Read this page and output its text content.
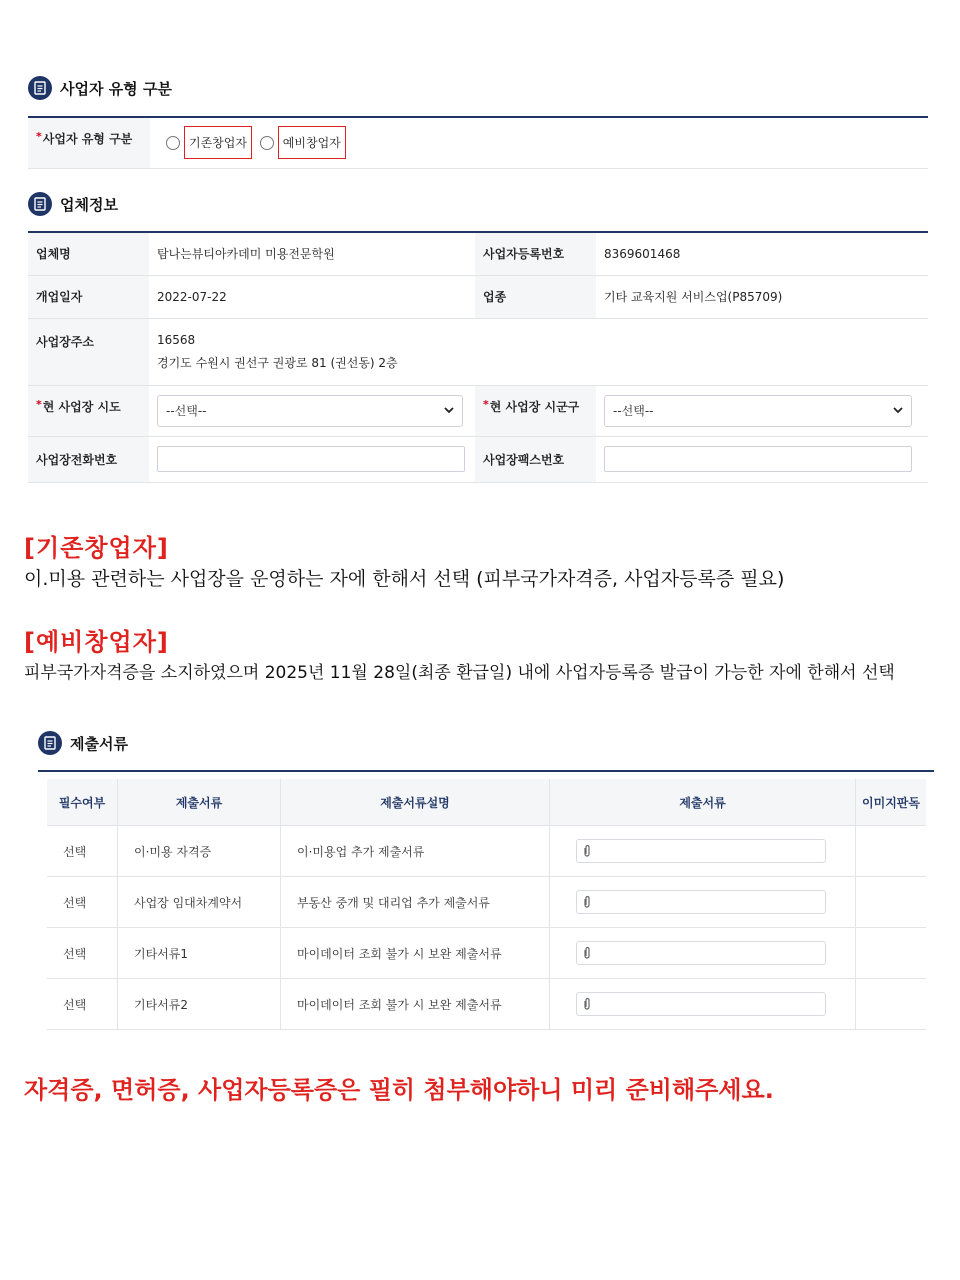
사업자 유형 구분
*사업자 유형 구분	기존창업자
	예비창업자
업체정보
업체명	탐나는뷰티아카데미 미용전문학원	사업자등록번호	8369601468
개업일자	2022-07-22	업종	기타 교육지원 서비스업(P85709)
사업장주소	16568
경기도 수원시 권선구 권광로 81 (권선동) 2층		

*현 사업장 시도	--선택--	*현 사업장 시군구	--선택--

사업장전화번호		사업장팩스번호	
[기존창업자]
이.미용 관련하는 사업장을 운영하는 자에 한해서 선택 (피부국가자격증, 사업자등록증 필요)
[예비창업자]
피부국가자격증을 소지하였으며 2025년 11월 28일(최종 환급일) 내에 사업자등록증 발급이 가능한 자에 한해서 선택
제출서류
필수여부	제출서류	제출서류설명	제출서류	이미지판독
선택	이·미용 자격증	이·미용업 추가 제출서류	

선택	사업장 임대차계약서	부동산 중개 및 대리업 추가 제출서류	

선택	기타서류1	마이데이터 조회 불가 시 보완 제출서류	

선택	기타서류2	마이데이터 조회 불가 시 보완 제출서류	

자격증, 면허증, 사업자등록증은 필히 첨부해야하니 미리 준비해주세요.
